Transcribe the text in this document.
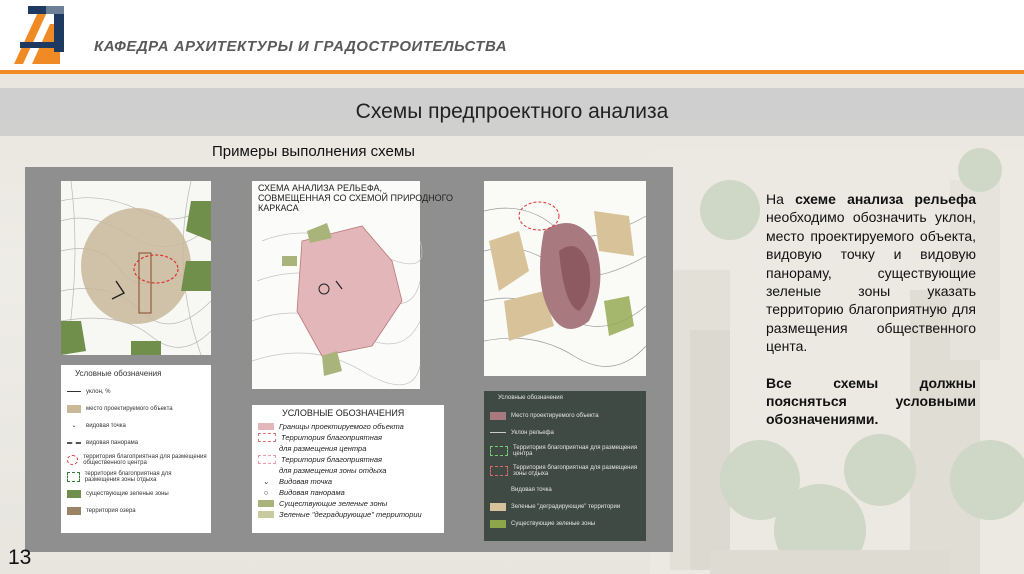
КАФЕДРА АРХИТЕКТУРЫ И ГРАДОСТРОИТЕЛЬСТВА
Схемы предпроектного анализа
Примеры выполнения схемы
СХЕМА АНАЛИЗА РЕЛЬЕФА,
СОВМЕЩЕННАЯ СО СХЕМОЙ ПРИРОДНОГО
КАРКАСА
Условные обозначения
уклон, %
место проектируемого объекта
⌄	видовая точка
видовая панорама
территория благоприятная для размещения общественного центра
территория благоприятная для размещения зоны отдыха
существующие зеленые зоны
территория озера
УСЛОВНЫЕ ОБОЗНАЧЕНИЯ
Границы проектируемого объекта
Территория благоприятная
для размещения центра
Территория благоприятная
для размещения зоны отдыха
⌄	Видовая точка
○	Видовая панорама
Существующие зеленые зоны
Зеленые "деградирующие" территории
Условные обозначения
Место проектируемого объекта
Уклон рельефа
Территория благоприятная для размещения центра
Территория благоприятная для размещения зоны отдыха
Видовая точка
Зеленые "деградирующие" территории
Существующие зеленые зоны

На схеме анализа рельефа необходимо обозначить уклон, место проектируемого объекта, видовую точку и видовую панораму, существующие зеленые зоны указать территорию благоприятную для размещения общественного цента.

Все схемы должны поясняться условными обозначениями.

13
